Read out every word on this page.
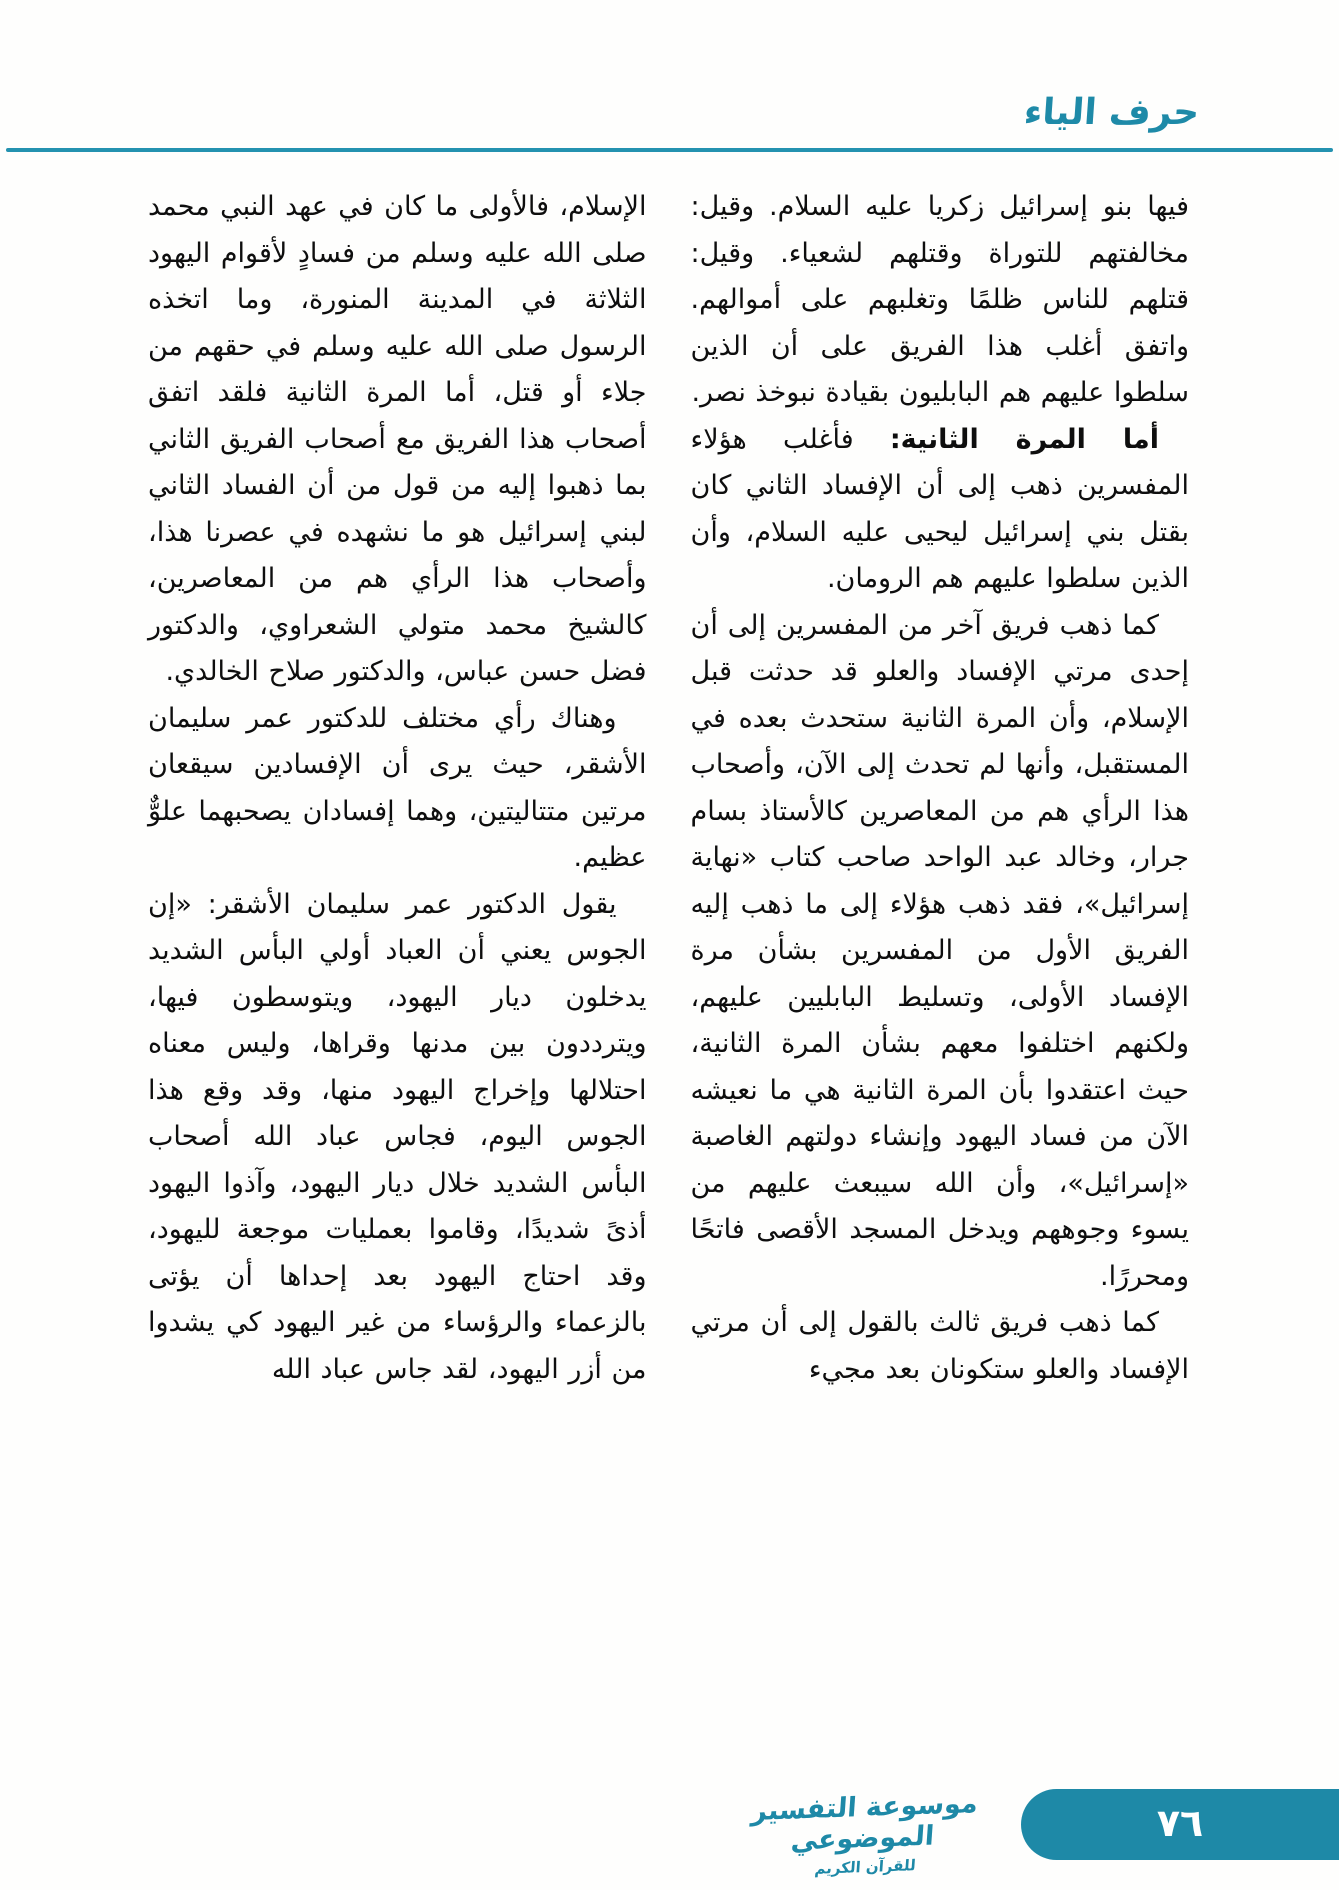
حرف الياء

فيها بنو إسرائيل زكريا عليه السلام. وقيل: مخالفتهم للتوراة وقتلهم لشعياء. وقيل: قتلهم للناس ظلمًا وتغلبهم على أموالهم. واتفق أغلب هذا الفريق على أن الذين سلطوا عليهم هم البابليون بقيادة نبوخذ نصر.

أما المرة الثانية: فأغلب هؤلاء المفسرين ذهب إلى أن الإفساد الثاني كان بقتل بني إسرائيل ليحيى عليه السلام، وأن الذين سلطوا عليهم هم الرومان.

كما ذهب فريق آخر من المفسرين إلى أن إحدى مرتي الإفساد والعلو قد حدثت قبل الإسلام، وأن المرة الثانية ستحدث بعده في المستقبل، وأنها لم تحدث إلى الآن، وأصحاب هذا الرأي هم من المعاصرين كالأستاذ بسام جرار، وخالد عبد الواحد صاحب كتاب «نهاية إسرائيل»، فقد ذهب هؤلاء إلى ما ذهب إليه الفريق الأول من المفسرين بشأن مرة الإفساد الأولى، وتسليط البابليين عليهم، ولكنهم اختلفوا معهم بشأن المرة الثانية، حيث اعتقدوا بأن المرة الثانية هي ما نعيشه الآن من فساد اليهود وإنشاء دولتهم الغاصبة «إسرائيل»، وأن الله سيبعث عليهم من يسوء وجوههم ويدخل المسجد الأقصى فاتحًا ومحررًا.

كما ذهب فريق ثالث بالقول إلى أن مرتي الإفساد والعلو ستكونان بعد مجيء

الإسلام، فالأولى ما كان في عهد النبي محمد صلى الله عليه وسلم من فسادٍ لأقوام اليهود الثلاثة في المدينة المنورة، وما اتخذه الرسول صلى الله عليه وسلم في حقهم من جلاء أو قتل، أما المرة الثانية فلقد اتفق أصحاب هذا الفريق مع أصحاب الفريق الثاني بما ذهبوا إليه من قول من أن الفساد الثاني لبني إسرائيل هو ما نشهده في عصرنا هذا، وأصحاب هذا الرأي هم من المعاصرين، كالشيخ محمد متولي الشعراوي، والدكتور فضل حسن عباس، والدكتور صلاح الخالدي.

وهناك رأي مختلف للدكتور عمر سليمان الأشقر، حيث يرى أن الإفسادين سيقعان مرتين متتاليتين، وهما إفسادان يصحبهما علوٌّ عظيم.

يقول الدكتور عمر سليمان الأشقر: «إن الجوس يعني أن العباد أولي البأس الشديد يدخلون ديار اليهود، ويتوسطون فيها، ويترددون بين مدنها وقراها، وليس معناه احتلالها وإخراج اليهود منها، وقد وقع هذا الجوس اليوم، فجاس عباد الله أصحاب البأس الشديد خلال ديار اليهود، وآذوا اليهود أذىً شديدًا، وقاموا بعمليات موجعة لليهود، وقد احتاج اليهود بعد إحداها أن يؤتى بالزعماء والرؤساء من غير اليهود كي يشدوا من أزر اليهود، لقد جاس عباد الله

موسوعة التفسير الموضوعي
للقرآن الكريم
٧٦
